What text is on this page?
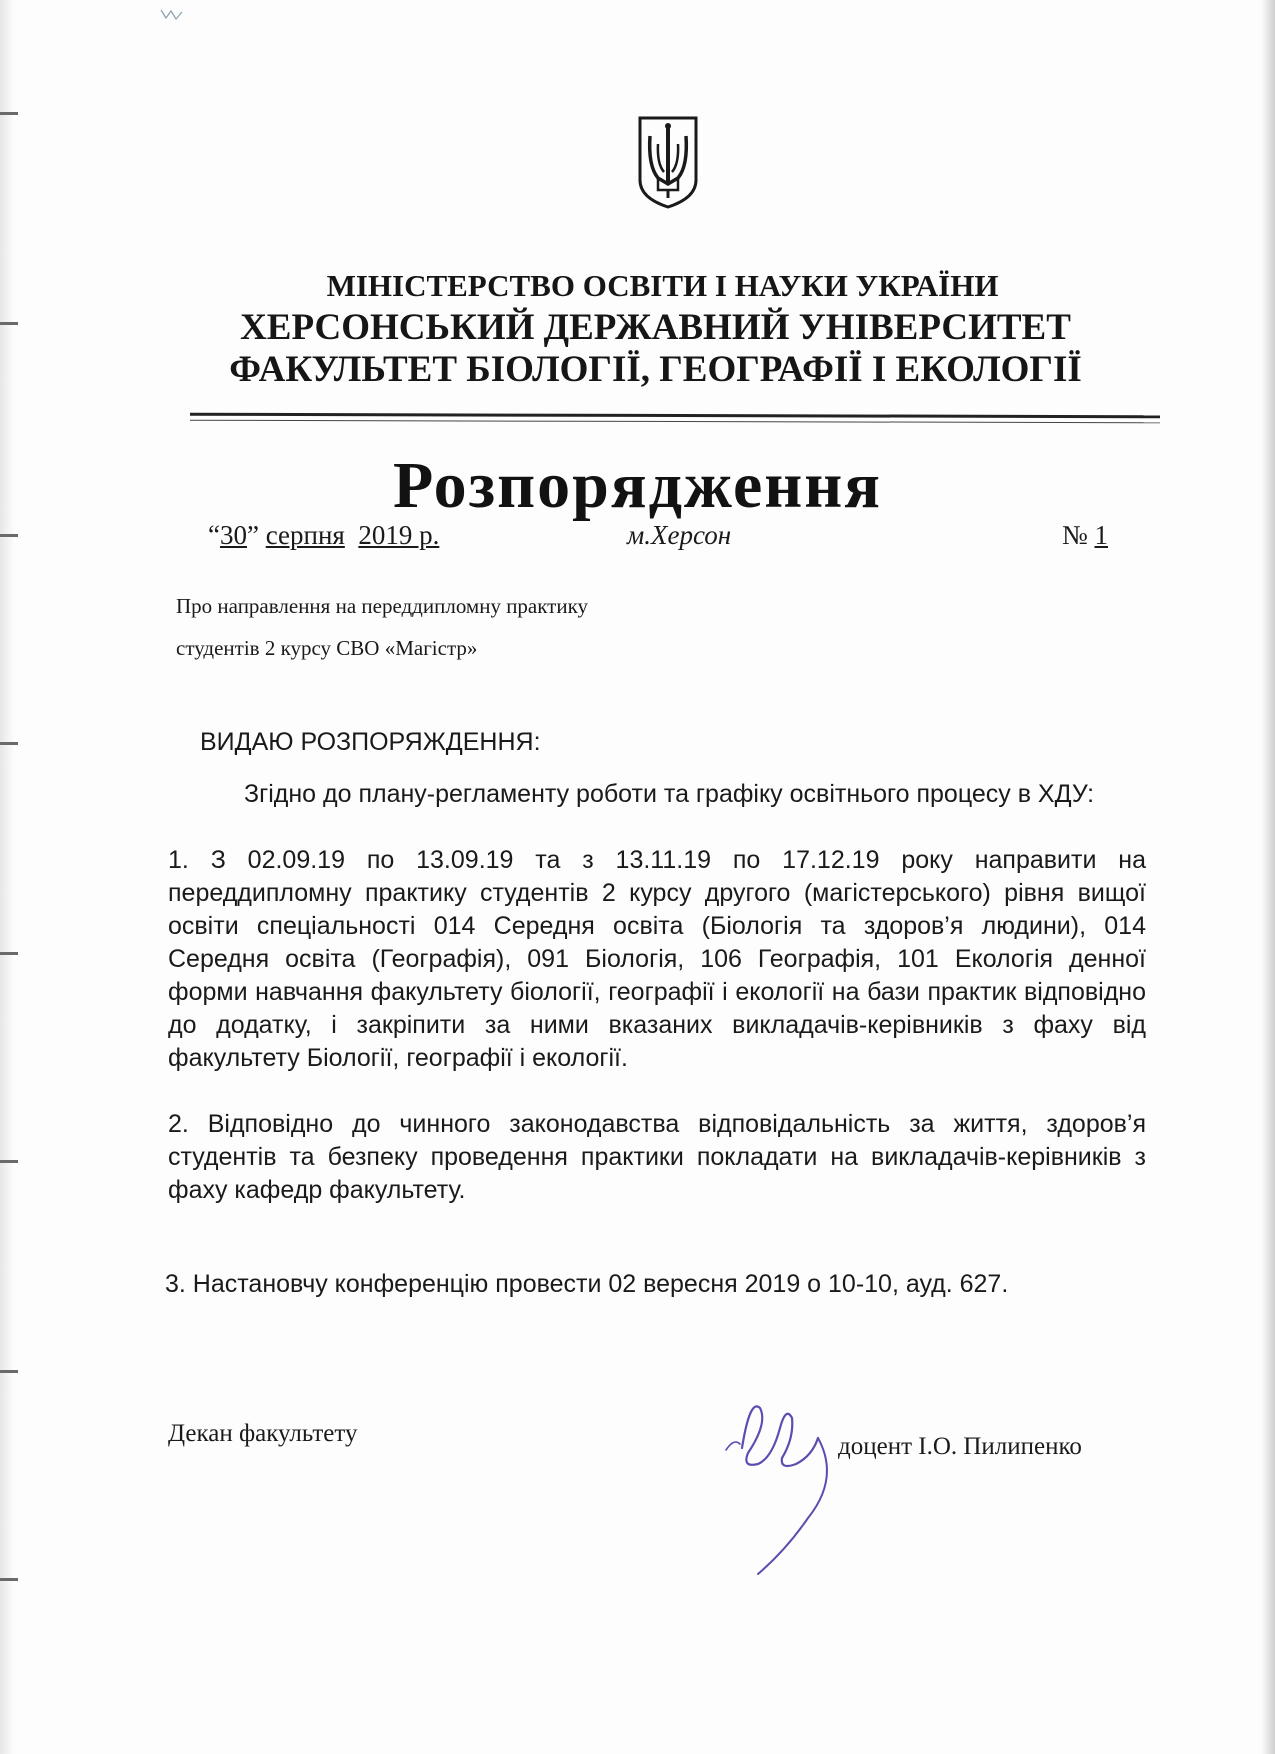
МІНІСТЕРСТВО ОСВІТИ І НАУКИ УКРАЇНИ
ХЕРСОНСЬКИЙ ДЕРЖАВНИЙ УНІВЕРСИТЕТ
ФАКУЛЬТЕТ БІОЛОГІЇ, ГЕОГРАФІЇ І ЕКОЛОГІЇ
Розпорядження
“30” серпня 2019 р.	м.Херсон	№ 1
Про направлення на переддипломну практику
студентів 2 курсу СВО «Магістр»
ВИДАЮ РОЗПОРЯЖДЕННЯ:
Згідно до плану-регламенту роботи та графіку освітнього процесу в ХДУ:
1. З 02.09.19 по 13.09.19 та з 13.11.19 по 17.12.19 року направити на переддипломну практику студентів 2 курсу другого (магістерського) рівня вищої освіти спеціальності 014 Середня освіта (Біологія та здоров’я людини), 014 Середня освіта (Географія), 091 Біологія, 106 Географія, 101 Екологія денної форми навчання факультету біології, географії і екології на бази практик відповідно до додатку, і закріпити за ними вказаних викладачів-керівників з фаху від факультету Біології, географії і екології.
2. Відповідно до чинного законодавства відповідальність за життя, здоров’я студентів та безпеку проведення практики покладати на викладачів-керівників з фаху кафедр факультету.
3. Настановчу конференцію провести 02 вересня 2019 о 10-10, ауд. 627.
Декан факультету	доцент І.О. Пилипенко
